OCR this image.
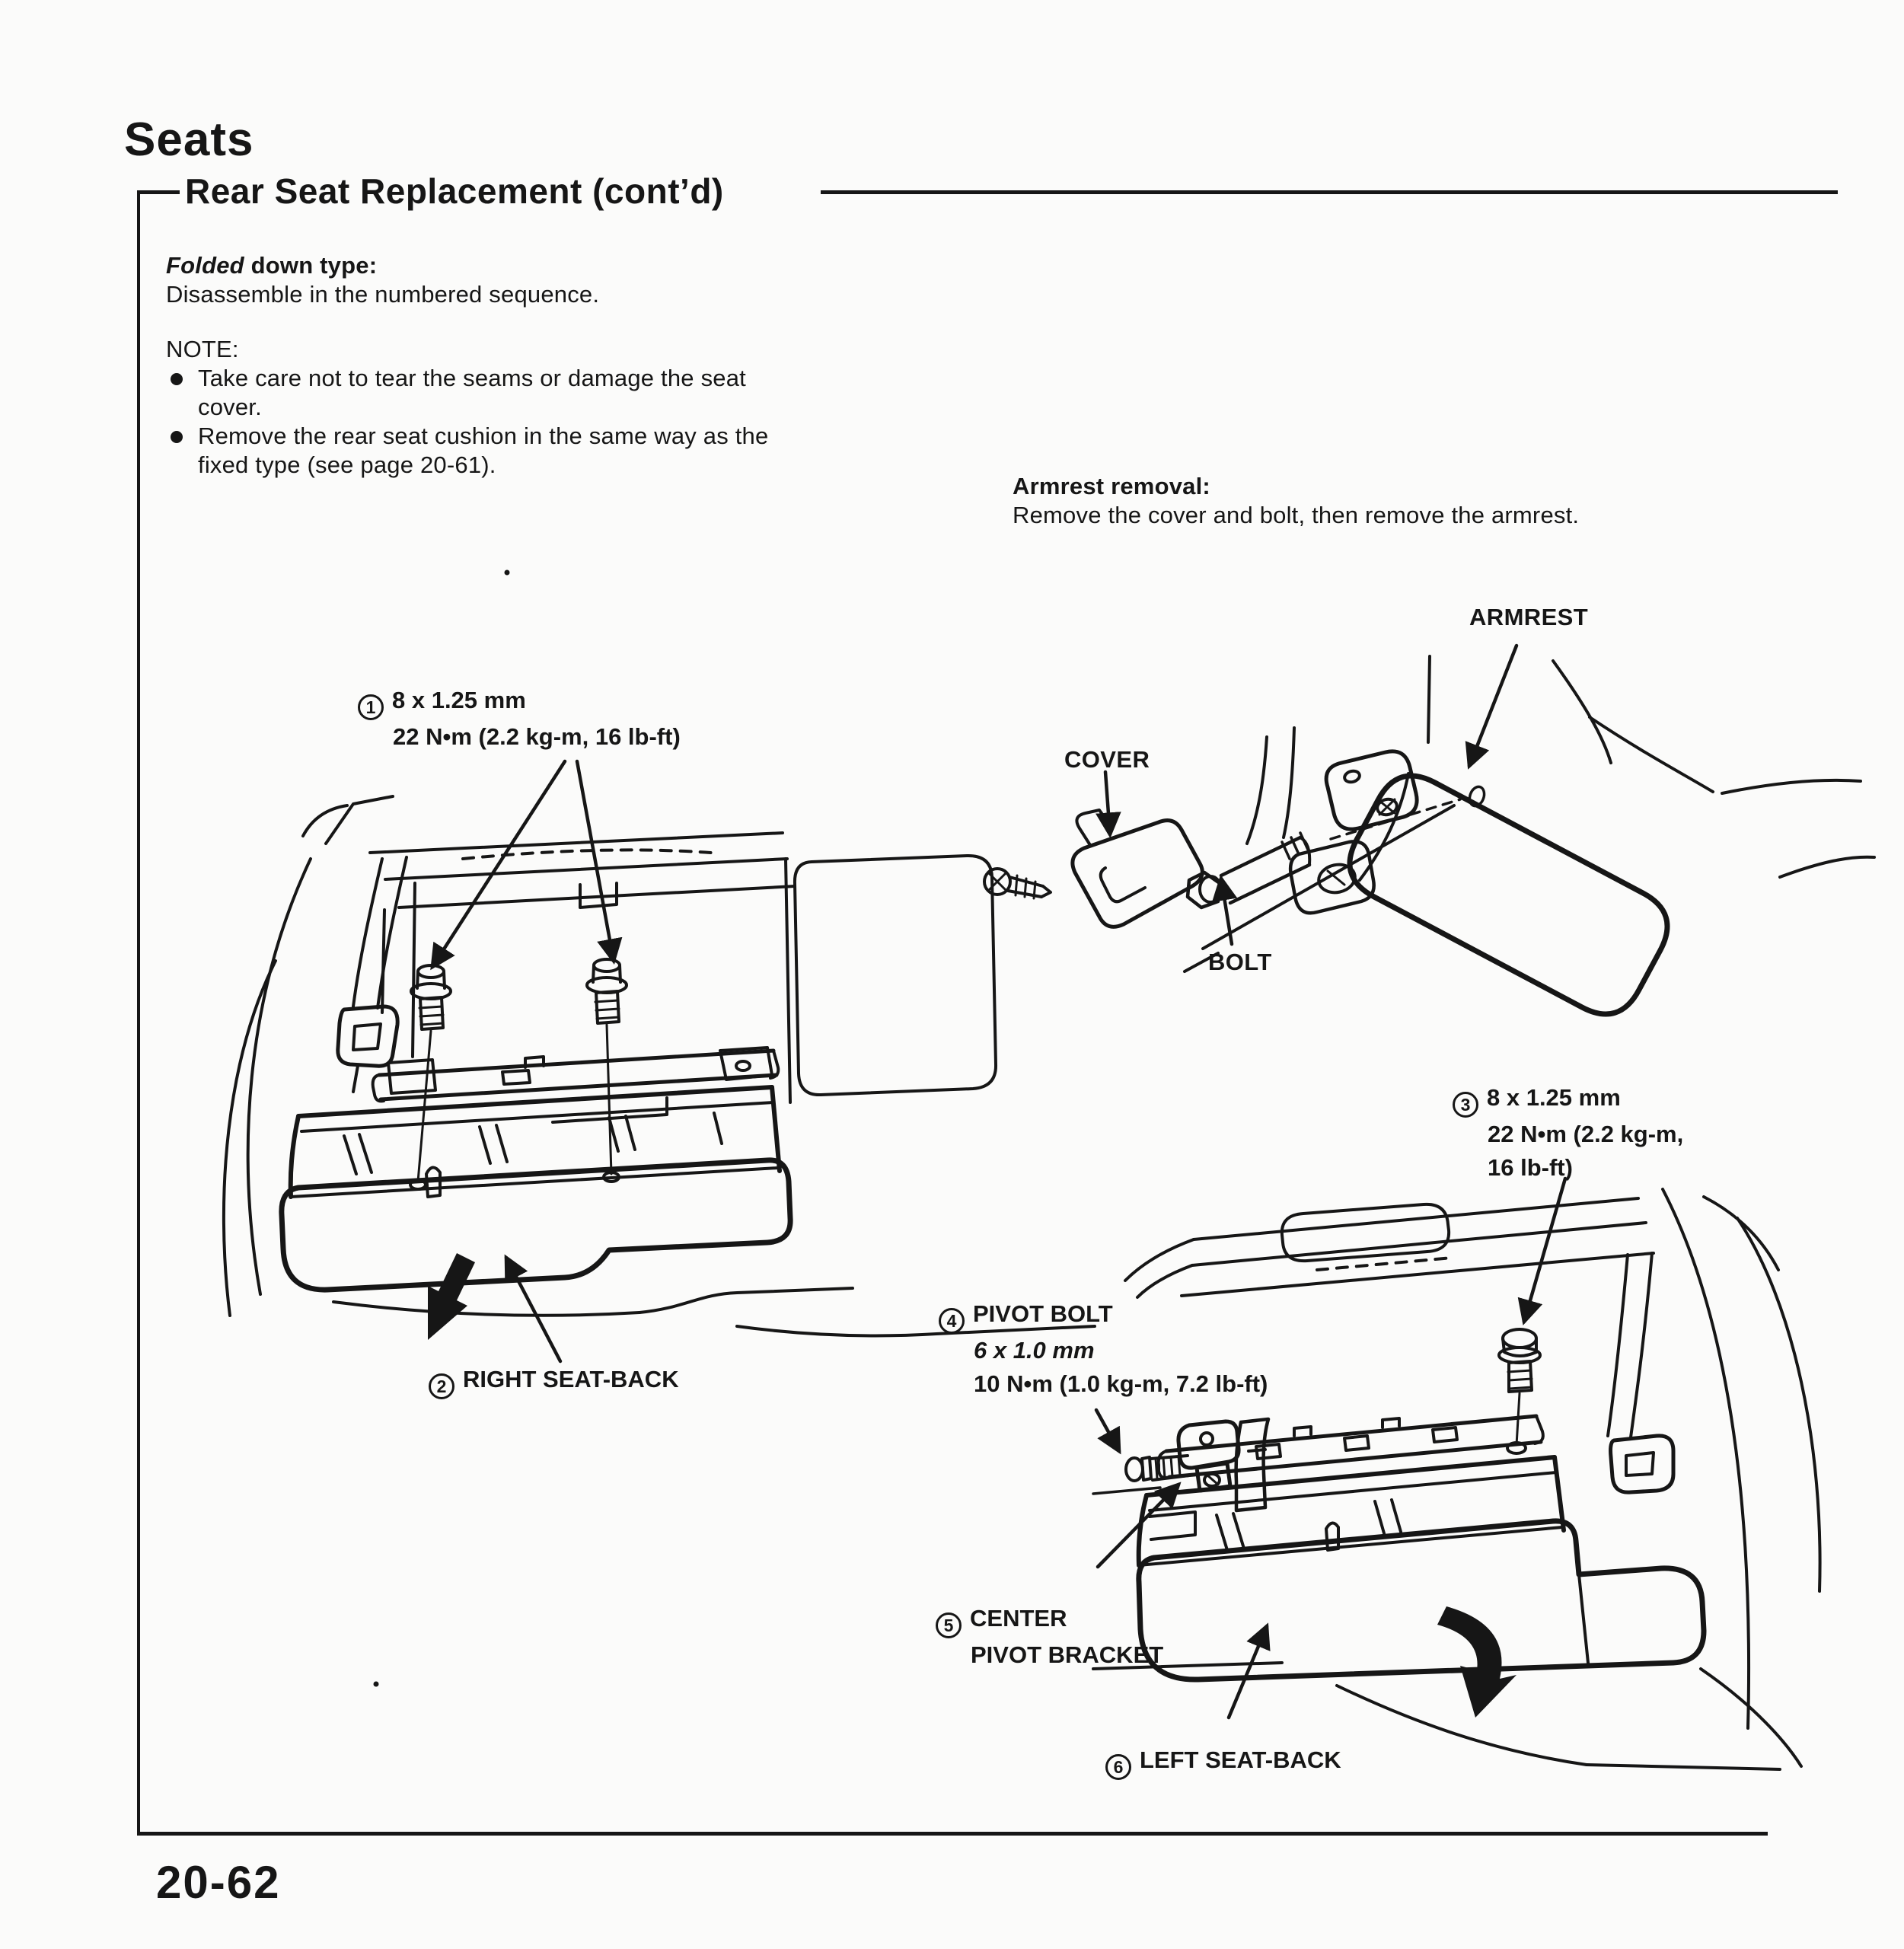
Seats
Rear Seat Replacement (cont’d)
Folded down type:
Disassemble in the numbered sequence.
NOTE:
Take care not to tear the seams or damage the seat cover.
Remove the rear seat cushion in the same way as the fixed type (see page 20-61).
Armrest removal:
Remove the cover and bolt, then remove the armrest.
ARMREST
COVER
BOLT
1 8 x 1.25 mm
22 N•m (2.2 kg-m, 16 lb-ft)
2 RIGHT SEAT-BACK
3 8 x 1.25 mm
22 N•m (2.2 kg-m,
16 lb-ft)
4 PIVOT BOLT
6 x 1.0 mm
10 N•m (1.0 kg-m, 7.2 lb-ft)
5 CENTER
PIVOT BRACKET
6 LEFT SEAT-BACK
20-62
